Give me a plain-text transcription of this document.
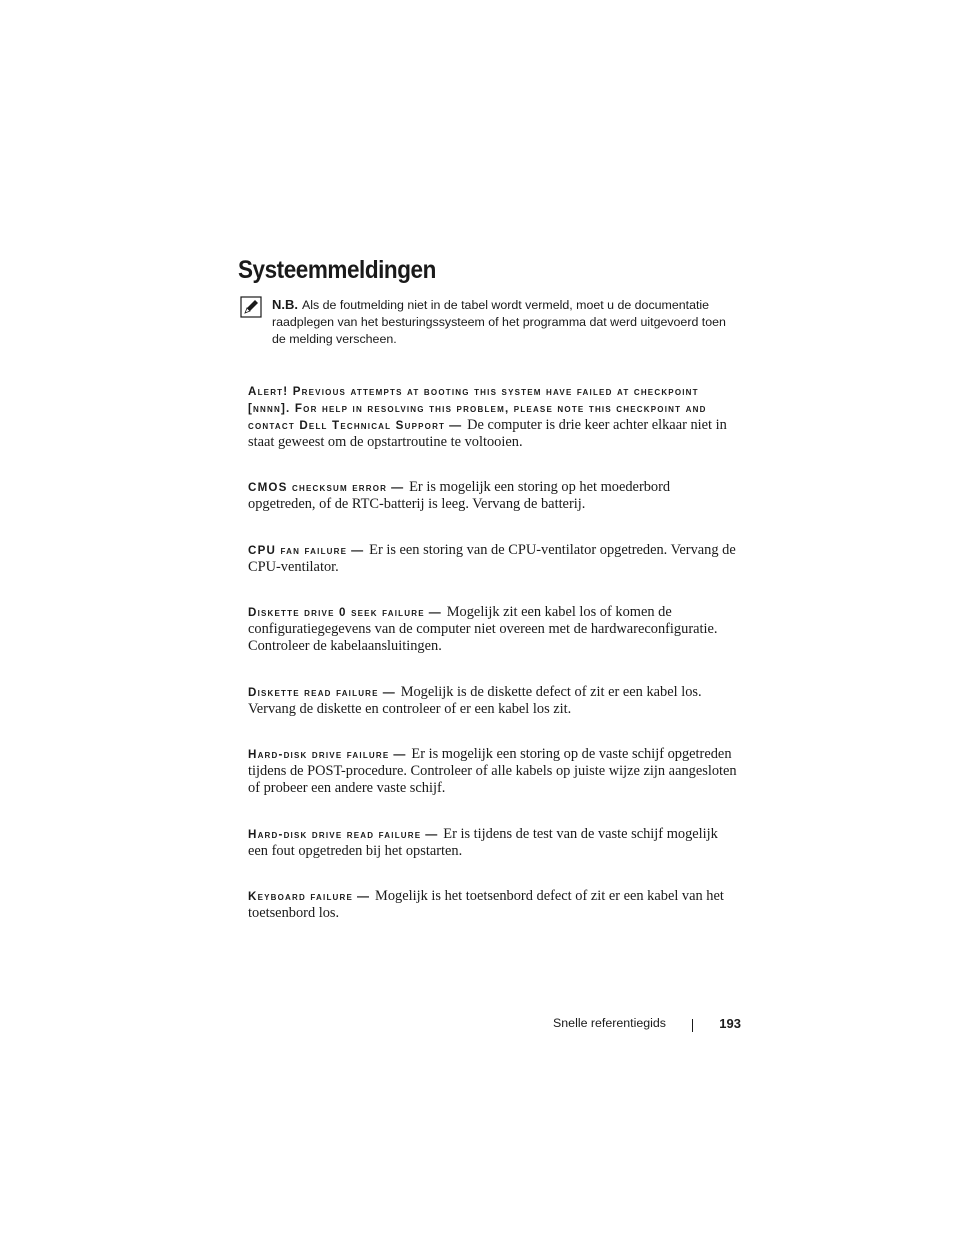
Systeemmeldingen
N.B. Als de foutmelding niet in de tabel wordt vermeld, moet u de documentatie raadplegen van het besturingssysteem of het programma dat werd uitgevoerd toen de melding verscheen.
Alert! Previous attempts at booting this system have failed at checkpoint [nnnn]. For help in resolving this problem, please note this checkpoint and contact Dell Technical Support — De computer is drie keer achter elkaar niet in staat geweest om de opstartroutine te voltooien.
CMOS checksum error — Er is mogelijk een storing op het moederbord opgetreden, of de RTC-batterij is leeg. Vervang de batterij.
CPU fan failure — Er is een storing van de CPU-ventilator opgetreden. Vervang de CPU-ventilator.
Diskette drive 0 seek failure — Mogelijk zit een kabel los of komen de configuratiegegevens van de computer niet overeen met de hardwareconfiguratie. Controleer de kabelaansluitingen.
Diskette read failure — Mogelijk is de diskette defect of zit er een kabel los. Vervang de diskette en controleer of er een kabel los zit.
Hard-disk drive failure — Er is mogelijk een storing op de vaste schijf opgetreden tijdens de POST-procedure. Controleer of alle kabels op juiste wijze zijn aangesloten of probeer een andere vaste schijf.
Hard-disk drive read failure — Er is tijdens de test van de vaste schijf mogelijk een fout opgetreden bij het opstarten.
Keyboard failure — Mogelijk is het toetsenbord defect of zit er een kabel van het toetsenbord los.
Snelle referentiegids	193
